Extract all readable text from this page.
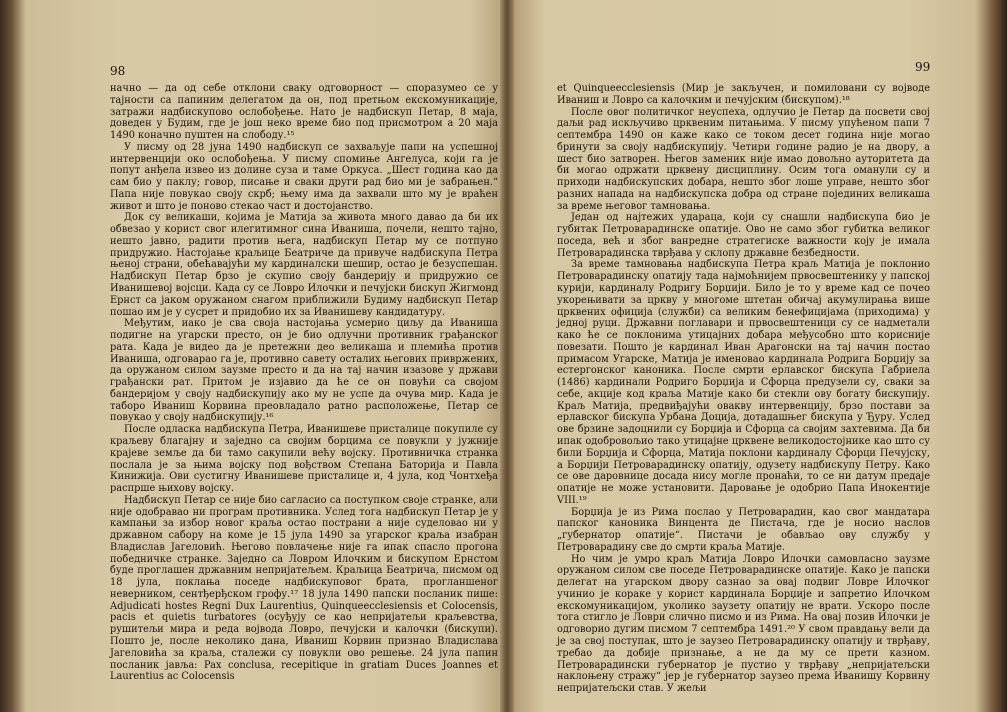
98	99

начно — да од себе отклони сваку одговорност — споразумео се у тајности са папиним делегатом да он, под претњом екскомуникације, затражи надбискупово ослобођење. Нато је надбискуп Петар, 8 маја, доведен у Будим, где је још неко време био под присмотром а 20 маја 1490 коначно пуштен на слободу.¹⁵

У писму од 28 јуна 1490 надбискуп се захваљује папи на успешној интервенцији око ослобођења. У писму спомиње Ангелуса, који га је попут анђела извео из долине суза и таме Оркуса. „Шест година као да сам био у паклу; говор, писање и сваки други рад био ми је забрањен.“ Папа није повукао своју скрб; њему има да захвали што му је враћен живот и што је поново стекао част и достојанство.

Док су великаши, којима је Матија за живота много давао да би их обвезао у корист свог илегитимног сина Иваниша, почели, нешто тајно, нешто јавно, радити против њега, надбискуп Петар му се потпуно придружио. Настојање краљице Беатриче да привуче надбискупа Петра њеној страни, обећавајући му кардиналски шешир, остао је безуспешан. Надбискуп Петар брзо је скупио своју бандерију и придружио се Иванишевој војсци. Када су се Ловро Илочки и печујски бискуп Жигмонд Ернст са јаком оружаном снагом приближили Будиму надбискуп Петар пошао им је у сусрет и придобио их за Иванишеву кандидатуру.

Међутим, иако је сва своја настојања усмерио циљу да Иваниша подигне на угарски престо, он је био одлучни противник грађанског рата. Када је видео да је претежни део великаша и племића против Иваниша, одговарао га је, противно савету осталих његових привржених, да оружаном силом заузме престо и да на тај начин изазове у држави грађански рат. Притом је изјавио да ће се он повући са својом бандеријом у своју надбискупију ако му не успе да очува мир. Када је таборо Иваниш Корвина преовладало ратно расположење, Петар се повукао у своју надбискупију.¹⁶

После одласка надбискупа Петра, Иванишеве присталице покупиле су краљеву благајну и заједно са својим борцима се повукли у јужније крајеве земље да би тамо сакупили већу војску. Противничка странка послала је за њима војску под вођством Степана Баторија и Павла Кинижија. Ови сустигну Иванишеве присталице и, 4 јула, код Чонтхеђа распрше њихову војску.

Надбискуп Петар се није био сагласио са поступком своје странке, али није одобравао ни програм противника. Услед тога надбискуп Петар је у кампањи за избор новог краља остао пострани а није суделовао ни у државном сабору на коме је 15 јула 1490 за угарског краља изабран Владислав Јагеловић. Његово повлачење није га ипак спасло прогона победничке странке. Заједно са Ловром Илочким и бискупом Ернстом буде проглашен државним непријатељем. Краљица Беатрича, писмом од 18 јула, поклања поседе надбискуповог брата, прогланшеног неверником, сентђерђском грофу.¹⁷ 18 јула 1490 папски посланик пише: Adjudicati hostes Regni Dux Laurentius, Quinqueecclesiensis et Colocensis, pacis et quietis turbatores (осуђују се као непријатељи краљевства, рушитељи мира и реда војвода Ловро, печујски и калочки (бискупи). Пошто је, после неколико дана, Иваниш Корвин признао Владислава Јагеловића за краља, сталежи су повукли ово решење. 24 јула папин посланик јавља: Pax conclusa, recepitique in gratiam Duces Joannes et Laurentius ac Colocensis

et Quinqueecclesiensis (Мир је закључен, и помиловани су војводе Иваниш и Ловро са калочким и печујским (бискупом).¹⁸

После овог политичког неуспеха, одлучио је Петар да посвети свој даљи рад искључиво црквеним питањима. У писму упућеном папи 7 септембра 1490 он каже како се током десет година није могао бринути за своју надбискупију. Четири године радио је на двору, а шест био затворен. Његов заменик није имао довољно ауторитета да би могао одржати црквену дисциплину. Осим тога оманули су и приходи надбискупских добара, нешто због лоше управе, нешто због разних напада на надбискупска добра од стране појединих великаша за време његовог тамновања.

Један од најтежих удараца, који су снашли надбискупа био је губитак Петроварадинске опатије. Ово не само због губитка великог поседа, већ и због ванредне стратегиске важности коју је имала Петроварадинска тврђава у склопу државне безбедности.

За време тамновања надбискупа Петра краљ Матија је поклонио Петроварадинску опатију тада најмоћнијем првосвештенику у папској курији, кардиналу Родригу Борџији. Било је то у време кад се почео укорењивати за цркву у многоме штетан обичај акумулирања више црквених официја (служби) са великим бенефицијама (приходима) у једној руци. Државни поглавари и првосвештеници су се надметали како ће се поклонима утицајних добара међусобно што корисније повезати. Пошто је кардинал Иван Арагонски на тај начин постао примасом Угарске, Матија је именовао кардинала Родрига Борџију за естергонског каноника. После смрти ерлавског бискупа Габриела (1486) кардинали Родриго Борџија и Сфорца предузели су, сваки за себе, акције код краља Матије како би стекли ову богату бискупију. Краљ Матија, предвиђајући овакву интервенцију, брзо постави за ерлавског бискупа Урбана Доцијa, дотадашњег бискупа у Ђуру. Услед ове брзине задоцнили су Борџија и Сфорца са својим захтевима. Да би ипак одобровољио тако утицајне црквене великодостојнике као што су били Борџија и Сфорца, Матија поклони кардиналу Сфорци Печујску, а Борџији Петроварадинску опатију, одузету надбискупу Петру. Како се ове даровнице досада нису могле пронаћи, то се ни датум предаје опатије не може установити. Даровање је одобрио Папа Инокентије VIII.¹⁹

Борџија је из Рима послао у Петроварадин, као свог мандатара папског каноника Винцента де Пистача, где је носио наслов „губернатор опатије“. Пистачи је обављао ову службу у Петроварадину све до смрти краља Матије.

Но чим је умро краљ Матија Ловро Илочки самовласно заузме оружаном силом све поседе Петроварадинске опатије. Како је папски делегат на угарском двору сазнао за овај подвиг Ловре Илочког учинио је кораке у корист кардинала Борџије и запретио Илочком екскомуникацијом, уколико заузету опатију не врати. Ускоро после тога стигло је Ловри слично писмо и из Рима. На овај позив Илочки је одговорио дугим писмом 7 септембра 1491.²⁰ У свом правдању вели да је за свој поступак, што је заузео Петроварадинску опатију и тврђаву, требао да добије признање, а не да му се прети казном. Петроварадински губернатор је пустио у тврђаву „непријатељски наклоњену стражу“ јер је губернатор заузео према Иванишу Корвину непријатељски став. У жељи
